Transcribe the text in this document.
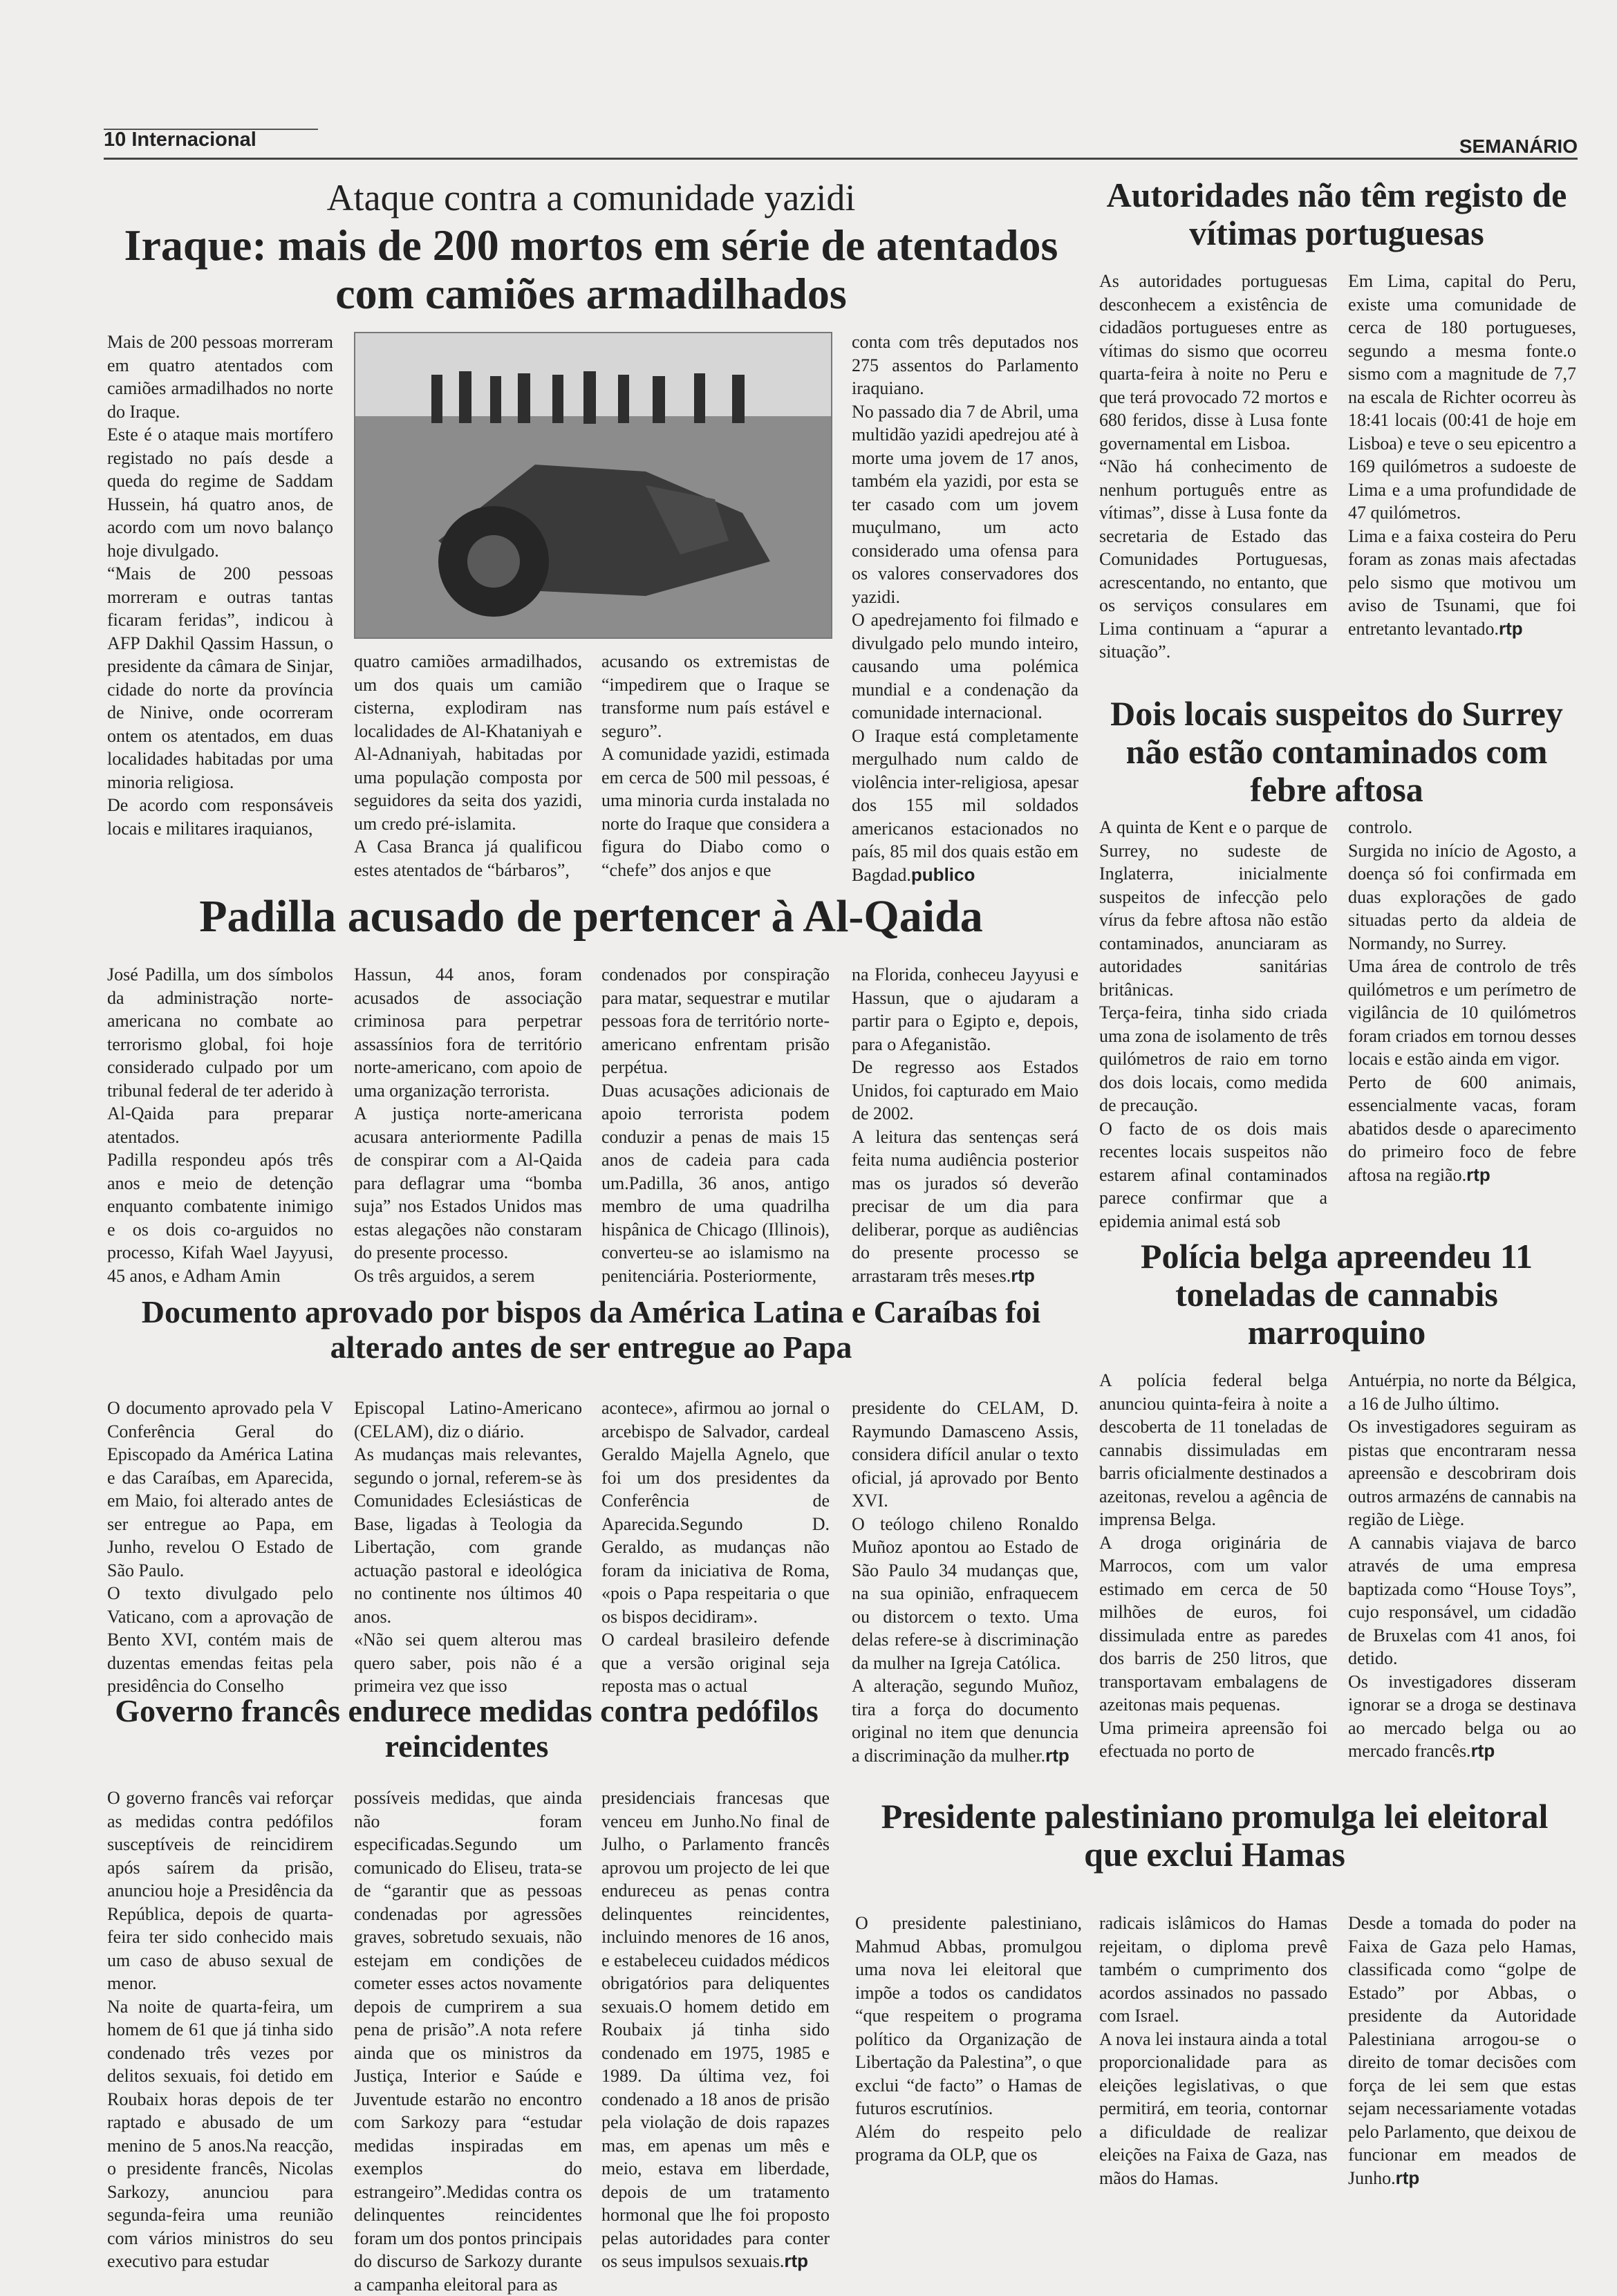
10 Internacional	SEMANÁRIO
Ataque contra a comunidade yazidi
Iraque: mais de 200 mortos em série de atentados com camiões armadilhados
Mais de 200 pessoas morreram em quatro atentados com camiões armadilhados no norte do Iraque.
Este é o ataque mais mortífero registado no país desde a queda do regime de Saddam Hussein, há quatro anos, de acordo com um novo balanço hoje divulgado.
“Mais de 200 pessoas morreram e outras tantas ficaram feridas”, indicou à AFP Dakhil Qassim Hassun, o presidente da câmara de Sinjar, cidade do norte da província de Ninive, onde ocorreram ontem os atentados, em duas localidades habitadas por uma minoria religiosa.
De acordo com responsáveis locais e militares iraquianos,
quatro camiões armadilhados, um dos quais um camião cisterna, explodiram nas localidades de Al-Khataniyah e Al-Adnaniyah, habitadas por uma população composta por seguidores da seita dos yazidi, um credo pré-islamita.
A Casa Branca já qualificou estes atentados de “bárbaros”,
acusando os extremistas de “impedirem que o Iraque se transforme num país estável e seguro”.
A comunidade yazidi, estimada em cerca de 500 mil pessoas, é uma minoria curda instalada no norte do Iraque que considera a figura do Diabo como o “chefe” dos anjos e que
conta com três deputados nos 275 assentos do Parlamento iraquiano.
No passado dia 7 de Abril, uma multidão yazidi apedrejou até à morte uma jovem de 17 anos, também ela yazidi, por esta se ter casado com um jovem muçulmano, um acto considerado uma ofensa para os valores conservadores dos yazidi.
O apedrejamento foi filmado e divulgado pelo mundo inteiro, causando uma polémica mundial e a condenação da comunidade internacional.
O Iraque está completamente mergulhado num caldo de violência inter-religiosa, apesar dos 155 mil soldados americanos estacionados no país, 85 mil dos quais estão em Bagdad.publico
Autoridades não têm registo de vítimas portuguesas
As autoridades portuguesas desconhecem a existência de cidadãos portugueses entre as vítimas do sismo que ocorreu quarta-feira à noite no Peru e que terá provocado 72 mortos e 680 feridos, disse à Lusa fonte governamental em Lisboa.
“Não há conhecimento de nenhum português entre as vítimas”, disse à Lusa fonte da secretaria de Estado das Comunidades Portuguesas, acrescentando, no entanto, que os serviços consulares em Lima continuam a “apurar a situação”.
Em Lima, capital do Peru, existe uma comunidade de cerca de 180 portugueses, segundo a mesma fonte.o sismo com a magnitude de 7,7 na escala de Richter ocorreu às 18:41 locais (00:41 de hoje em Lisboa) e teve o seu epicentro a 169 quilómetros a sudoeste de Lima e a uma profundidade de 47 quilómetros.
Lima e a faixa costeira do Peru foram as zonas mais afectadas pelo sismo que motivou um aviso de Tsunami, que foi entretanto levantado.rtp
Dois locais suspeitos do Surrey não estão contaminados com febre aftosa
A quinta de Kent e o parque de Surrey, no sudeste de Inglaterra, inicialmente suspeitos de infecção pelo vírus da febre aftosa não estão contaminados, anunciaram as autoridades sanitárias britânicas.
Terça-feira, tinha sido criada uma zona de isolamento de três quilómetros de raio em torno dos dois locais, como medida de precaução.
O facto de os dois mais recentes locais suspeitos não estarem afinal contaminados parece confirmar que a epidemia animal está sob
controlo.
Surgida no início de Agosto, a doença só foi confirmada em duas explorações de gado situadas perto da aldeia de Normandy, no Surrey.
Uma área de controlo de três quilómetros e um perímetro de vigilância de 10 quilómetros foram criados em tornou desses locais e estão ainda em vigor.
Perto de 600 animais, essencialmente vacas, foram abatidos desde o aparecimento do primeiro foco de febre aftosa na região.rtp
Padilla acusado de pertencer à Al-Qaida
José Padilla, um dos símbolos da administração norte-americana no combate ao terrorismo global, foi hoje considerado culpado por um tribunal federal de ter aderido à Al-Qaida para preparar atentados.
Padilla respondeu após três anos e meio de detenção enquanto combatente inimigo e os dois co-arguidos no processo, Kifah Wael Jayyusi, 45 anos, e Adham Amin
Hassun, 44 anos, foram acusados de associação criminosa para perpetrar assassínios fora de território norte-americano, com apoio de uma organização terrorista.
A justiça norte-americana acusara anteriormente Padilla de conspirar com a Al-Qaida para deflagrar uma “bomba suja” nos Estados Unidos mas estas alegações não constaram do presente processo.
Os três arguidos, a serem
condenados por conspiração para matar, sequestrar e mutilar pessoas fora de território norte-americano enfrentam prisão perpétua.
Duas acusações adicionais de apoio terrorista podem conduzir a penas de mais 15 anos de cadeia para cada um.Padilla, 36 anos, antigo membro de uma quadrilha hispânica de Chicago (Illinois), converteu-se ao islamismo na penitenciária. Posteriormente,
na Florida, conheceu Jayyusi e Hassun, que o ajudaram a partir para o Egipto e, depois, para o Afeganistão.
De regresso aos Estados Unidos, foi capturado em Maio de 2002.
A leitura das sentenças será feita numa audiência posterior mas os jurados só deverão precisar de um dia para deliberar, porque as audiências do presente processo se arrastaram três meses.rtp	Polícia belga apreendeu 11 toneladas de cannabis marroquino
A polícia federal belga anunciou quinta-feira à noite a descoberta de 11 toneladas de cannabis dissimuladas em barris oficialmente destinados a azeitonas, revelou a agência de imprensa Belga.
A droga originária de Marrocos, com um valor estimado em cerca de 50 milhões de euros, foi dissimulada entre as paredes dos barris de 250 litros, que transportavam embalagens de azeitonas mais pequenas.
Uma primeira apreensão foi efectuada no porto de
Antuérpia, no norte da Bélgica, a 16 de Julho último.
Os investigadores seguiram as pistas que encontraram nessa apreensão e descobriram dois outros armazéns de cannabis na região de Liège.
A cannabis viajava de barco através de uma empresa baptizada como “House Toys”, cujo responsável, um cidadão de Bruxelas com 41 anos, foi detido.
Os investigadores disseram ignorar se a droga se destinava ao mercado belga ou ao mercado francês.rtp
Documento aprovado por bispos da América Latina e Caraíbas foi alterado antes de ser entregue ao Papa
O documento aprovado pela V Conferência Geral do Episcopado da América Latina e das Caraíbas, em Aparecida, em Maio, foi alterado antes de ser entregue ao Papa, em Junho, revelou O Estado de São Paulo.
O texto divulgado pelo Vaticano, com a aprovação de Bento XVI, contém mais de duzentas emendas feitas pela presidência do Conselho
Episcopal Latino-Americano (CELAM), diz o diário.
As mudanças mais relevantes, segundo o jornal, referem-se às Comunidades Eclesiásticas de Base, ligadas à Teologia da Libertação, com grande actuação pastoral e ideológica no continente nos últimos 40 anos.
«Não sei quem alterou mas quero saber, pois não é a primeira vez que isso
acontece», afirmou ao jornal o arcebispo de Salvador, cardeal Geraldo Majella Agnelo, que foi um dos presidentes da Conferência de Aparecida.Segundo D. Geraldo, as mudanças não foram da iniciativa de Roma, «pois o Papa respeitaria o que os bispos decidiram».
O cardeal brasileiro defende que a versão original seja reposta mas o actual
presidente do CELAM, D. Raymundo Damasceno Assis, considera difícil anular o texto oficial, já aprovado por Bento XVI.
O teólogo chileno Ronaldo Muñoz apontou ao Estado de São Paulo 34 mudanças que, na sua opinião, enfraquecem ou distorcem o texto. Uma delas refere-se à discriminação da mulher na Igreja Católica.
A alteração, segundo Muñoz, tira a força do documento original no item que denuncia a discriminação da mulher.rtp
Governo francês endurece medidas contra pedófilos reincidentes
O governo francês vai reforçar as medidas contra pedófilos susceptíveis de reincidirem após saírem da prisão, anunciou hoje a Presidência da República, depois de quarta-feira ter sido conhecido mais um caso de abuso sexual de menor.
Na noite de quarta-feira, um homem de 61 que já tinha sido condenado três vezes por delitos sexuais, foi detido em Roubaix horas depois de ter raptado e abusado de um menino de 5 anos.Na reacção, o presidente francês, Nicolas Sarkozy, anunciou para segunda-feira uma reunião com vários ministros do seu executivo para estudar
possíveis medidas, que ainda não foram especificadas.Segundo um comunicado do Eliseu, trata-se de “garantir que as pessoas condenadas por agressões graves, sobretudo sexuais, não estejam em condições de cometer esses actos novamente depois de cumprirem a sua pena de prisão”.A nota refere ainda que os ministros da Justiça, Interior e Saúde e Juventude estarão no encontro com Sarkozy para “estudar medidas inspiradas em exemplos do estrangeiro”.Medidas contra os delinquentes reincidentes foram um dos pontos principais do discurso de Sarkozy durante a campanha eleitoral para as
presidenciais francesas que venceu em Junho.No final de Julho, o Parlamento francês aprovou um projecto de lei que endureceu as penas contra delinquentes reincidentes, incluindo menores de 16 anos, e estabeleceu cuidados médicos obrigatórios para deliquentes sexuais.O homem detido em Roubaix já tinha sido condenado em 1975, 1985 e 1989. Da última vez, foi condenado a 18 anos de prisão pela violação de dois rapazes mas, em apenas um mês e meio, estava em liberdade, depois de um tratamento hormonal que lhe foi proposto pelas autoridades para conter os seus impulsos sexuais.rtp
Presidente palestiniano promulga lei eleitoral que exclui Hamas
O presidente palestiniano, Mahmud Abbas, promulgou uma nova lei eleitoral que impõe a todos os candidatos “que respeitem o programa político da Organização de Libertação da Palestina”, o que exclui “de facto” o Hamas de futuros escrutínios.
Além do respeito pelo programa da OLP, que os
radicais islâmicos do Hamas rejeitam, o diploma prevê também o cumprimento dos acordos assinados no passado com Israel.
A nova lei instaura ainda a total proporcionalidade para as eleições legislativas, o que permitirá, em teoria, contornar a dificuldade de realizar eleições na Faixa de Gaza, nas mãos do Hamas.
Desde a tomada do poder na Faixa de Gaza pelo Hamas, classificada como “golpe de Estado” por Abbas, o presidente da Autoridade Palestiniana arrogou-se o direito de tomar decisões com força de lei sem que estas sejam necessariamente votadas pelo Parlamento, que deixou de funcionar em meados de Junho.rtp
